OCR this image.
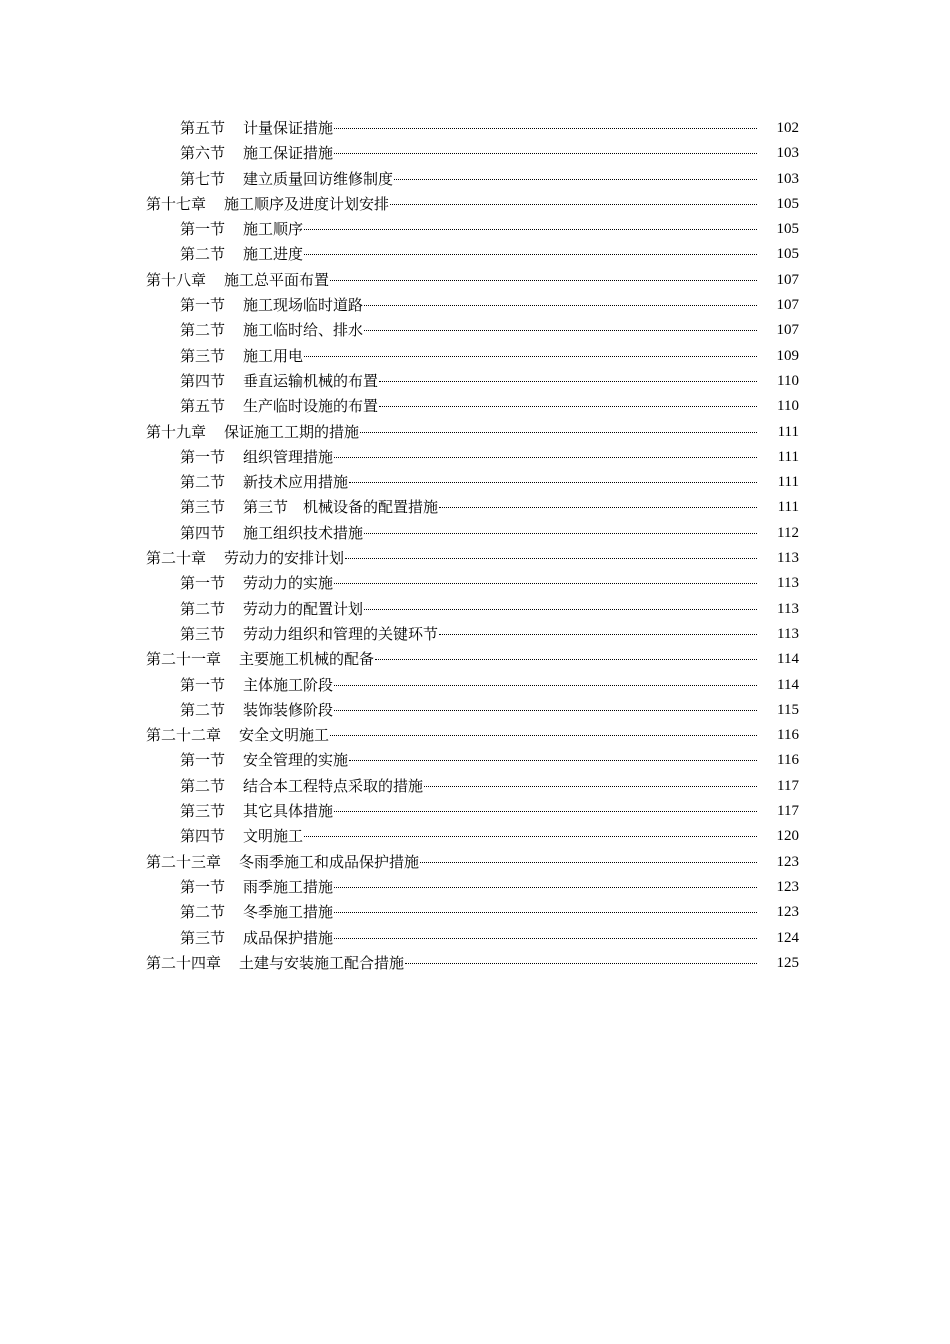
第五节 计量保证措施	102
第六节 施工保证措施	103
第七节 建立质量回访维修制度	103
第十七章 施工顺序及进度计划安排	105
第一节 施工顺序	105
第二节 施工进度	105
第十八章 施工总平面布置	107
第一节 施工现场临时道路	107
第二节 施工临时给、排水	107
第三节 施工用电	109
第四节 垂直运输机械的布置	110
第五节 生产临时设施的布置	110
第十九章 保证施工工期的措施	111
第一节 组织管理措施	111
第二节 新技术应用措施	111
第三节 第三节　机械设备的配置措施	111
第四节 施工组织技术措施	112
第二十章 劳动力的安排计划	113
第一节 劳动力的实施	113
第二节 劳动力的配置计划	113
第三节 劳动力组织和管理的关键环节	113
第二十一章 主要施工机械的配备	114
第一节 主体施工阶段	114
第二节 装饰装修阶段	115
第二十二章 安全文明施工	116
第一节 安全管理的实施	116
第二节 结合本工程特点采取的措施	117
第三节 其它具体措施	117
第四节 文明施工	120
第二十三章 冬雨季施工和成品保护措施	123
第一节 雨季施工措施	123
第二节 冬季施工措施	123
第三节 成品保护措施	124
第二十四章 土建与安装施工配合措施	125
